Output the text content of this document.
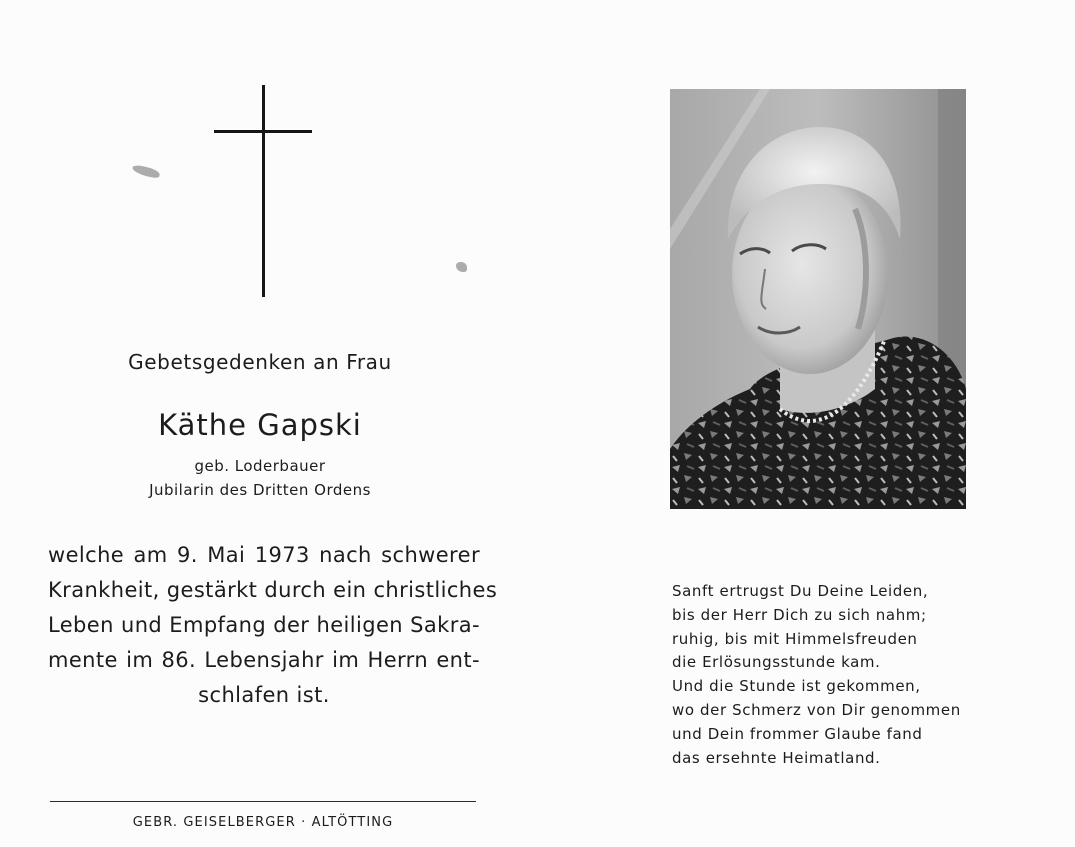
Gebetsgedenken an Frau
Käthe Gapski
geb. Loderbauer
Jubilarin des Dritten Ordens
welche am 9. Mai 1973 nach schwerer
Krankheit, gestärkt durch ein christliches
Leben und Empfang der heiligen Sakra-
mente im 86. Lebensjahr im Herrn ent-
schlafen ist.
GEBR. GEISELBERGER · ALTÖTTING
Sanft ertrugst Du Deine Leiden,
bis der Herr Dich zu sich nahm;
ruhig, bis mit Himmelsfreuden
die Erlösungsstunde kam.
Und die Stunde ist gekommen,
wo der Schmerz von Dir genommen
und Dein frommer Glaube fand
das ersehnte Heimatland.
